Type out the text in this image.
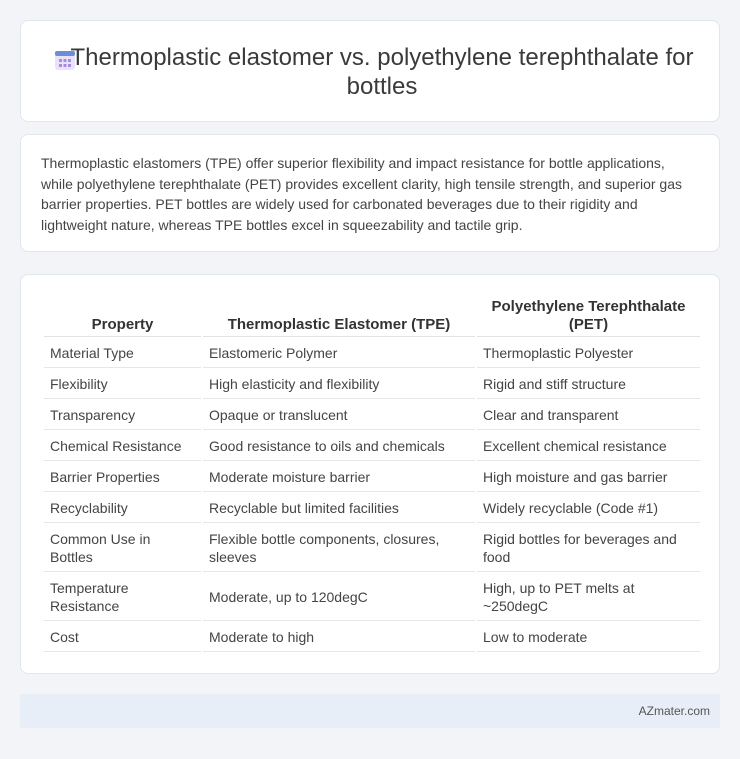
Thermoplastic elastomer vs. polyethylene terephthalate for bottles

Thermoplastic elastomers (TPE) offer superior flexibility and impact resistance for bottle applications, while polyethylene terephthalate (PET) provides excellent clarity, high tensile strength, and superior gas barrier properties. PET bottles are widely used for carbonated beverages due to their rigidity and lightweight nature, whereas TPE bottles excel in squeezability and tactile grip.

Property	Thermoplastic Elastomer (TPE)	Polyethylene Terephthalate (PET)
Material Type	Elastomeric Polymer	Thermoplastic Polyester
Flexibility	High elasticity and flexibility	Rigid and stiff structure
Transparency	Opaque or translucent	Clear and transparent
Chemical Resistance	Good resistance to oils and chemicals	Excellent chemical resistance
Barrier Properties	Moderate moisture barrier	High moisture and gas barrier
Recyclability	Recyclable but limited facilities	Widely recyclable (Code #1)
Common Use in Bottles	Flexible bottle components, closures, sleeves	Rigid bottles for beverages and food
Temperature Resistance	Moderate, up to 120degC	High, up to PET melts at ~250degC
Cost	Moderate to high	Low to moderate
AZmater.com
